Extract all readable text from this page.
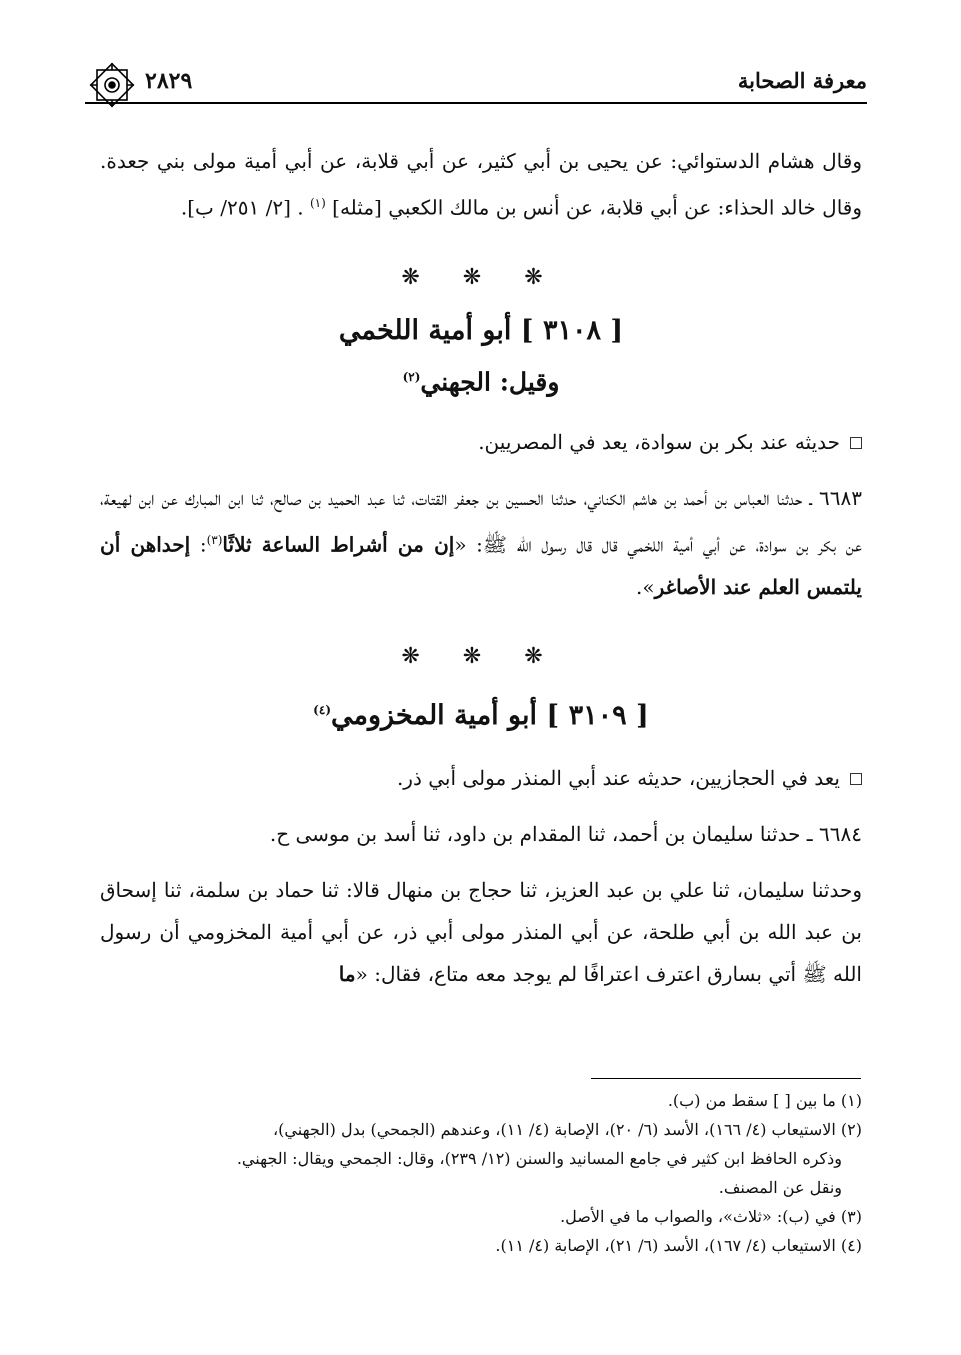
معرفة الصحابة
٢٨٢٩

وقال هشام الدستوائي: عن يحيى بن أبي كثير، عن أبي قلابة، عن أبي أمية مولى بني جعدة. وقال خالد الحذاء: عن أبي قلابة، عن أنس بن مالك الكعبي [مثله] $^{(١)}$ . [٢/ ٢٥١/ ب].

❋ ❋ ❋
[ ٣١٠٨ ] أبو أمية اللخمي
وقيل: الجهني$^{(٢)}$

حديثه عند بكر بن سوادة، يعد في المصريين.

٦٦٨٣ ـ حدثنا العباس بن أحمد بن هاشم الكناني، حدثنا الحسين بن جعفر القتات، ثنا عبد الحميد بن صالح، ثنا ابن المبارك عن ابن لهيعة، عن بكر بن سوادة، عن أبي أمية اللخمي قال قال رسول الله ﷺ: «إن من أشراط الساعة ثلاثًا$^{(٣)}$: إحداهن أن يلتمس العلم عند الأصاغر».

❋ ❋ ❋
[ ٣١٠٩ ] أبو أمية المخزومي$^{(٤)}$

يعد في الحجازيين، حديثه عند أبي المنذر مولى أبي ذر.

٦٦٨٤ ـ حدثنا سليمان بن أحمد، ثنا المقدام بن داود، ثنا أسد بن موسى ح.

وحدثنا سليمان، ثنا علي بن عبد العزيز، ثنا حجاج بن منهال قالا: ثنا حماد بن سلمة، ثنا إسحاق بن عبد الله بن أبي طلحة، عن أبي المنذر مولى أبي ذر، عن أبي أمية المخزومي أن رسول الله ﷺ أتي بسارق اعترف اعترافًا لم يوجد معه متاع، فقال: «ما

(١) ما بين [ ] سقط من (ب).

(٢) الاستيعاب (٤/ ١٦٦)، الأسد (٦/ ٢٠)، الإصابة (٤/ ١١)، وعندهم (الجمحي) بدل (الجهني)،

وذكره الحافظ ابن كثير في جامع المسانيد والسنن (١٢/ ٢٣٩)، وقال: الجمحي ويقال: الجهني.

ونقل عن المصنف.

(٣) في (ب): «ثلاث»، والصواب ما في الأصل.

(٤) الاستيعاب (٤/ ١٦٧)، الأسد (٦/ ٢١)، الإصابة (٤/ ١١).
